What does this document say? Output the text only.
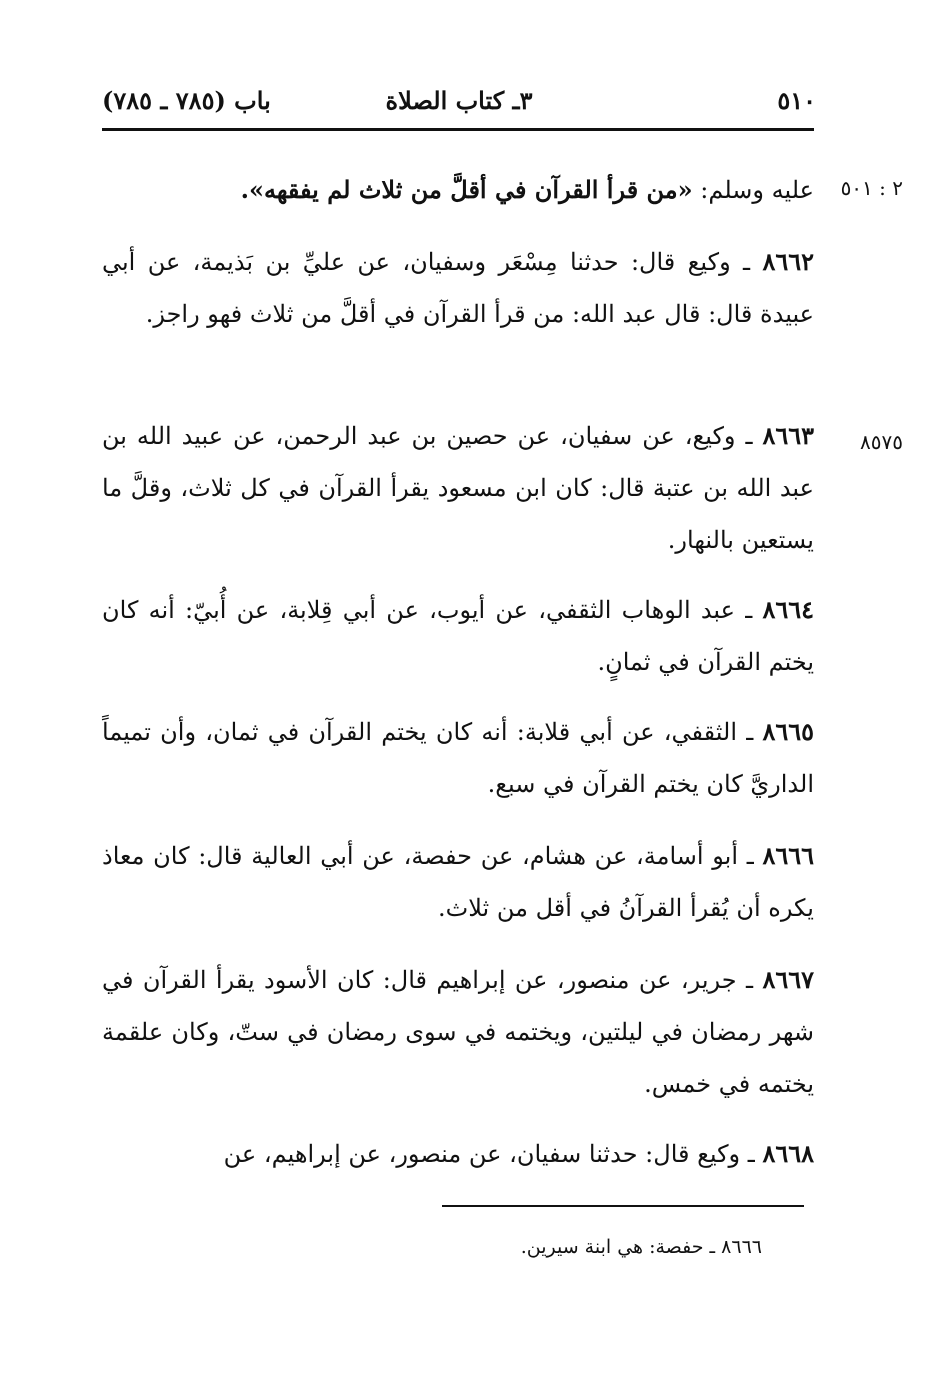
٥١٠
٣ـ كتاب الصلاة
باب (٧٨٥ ـ ٧٨٥)
٢ : ٥٠١
٨٥٧٥

عليه وسلم: «من قرأ القرآن في أقلَّ من ثلاث لم يفقهه».

٨٦٦٢ ـ وكيع قال: حدثنا مِسْعَر وسفيان، عن عليِّ بن بَذيمة، عن أبي عبيدة قال: قال عبد الله: من قرأ القرآن في أقلَّ من ثلاث فهو راجز.

٨٦٦٣ ـ وكيع، عن سفيان، عن حصين بن عبد الرحمن، عن عبيد الله بن عبد الله بن عتبة قال: كان ابن مسعود يقرأ القرآن في كل ثلاث، وقلَّ ما يستعين بالنهار.

٨٦٦٤ ـ عبد الوهاب الثقفي، عن أيوب، عن أبي قِلابة، عن أُبيّ: أنه كان يختم القرآن في ثمانٍ.

٨٦٦٥ ـ الثقفي، عن أبي قلابة: أنه كان يختم القرآن في ثمان، وأن تميماً الداريَّ كان يختم القرآن في سبع.

٨٦٦٦ ـ أبو أسامة، عن هشام، عن حفصة، عن أبي العالية قال: كان معاذ يكره أن يُقرأ القرآنُ في أقل من ثلاث.

٨٦٦٧ ـ جرير، عن منصور، عن إبراهيم قال: كان الأسود يقرأ القرآن في شهر رمضان في ليلتين، ويختمه في سوى رمضان في ستّ، وكان علقمة يختمه في خمس.

٨٦٦٨ ـ وكيع قال: حدثنا سفيان، عن منصور، عن إبراهيم، عن

٨٦٦٦ ـ حفصة: هي ابنة سيرين.
